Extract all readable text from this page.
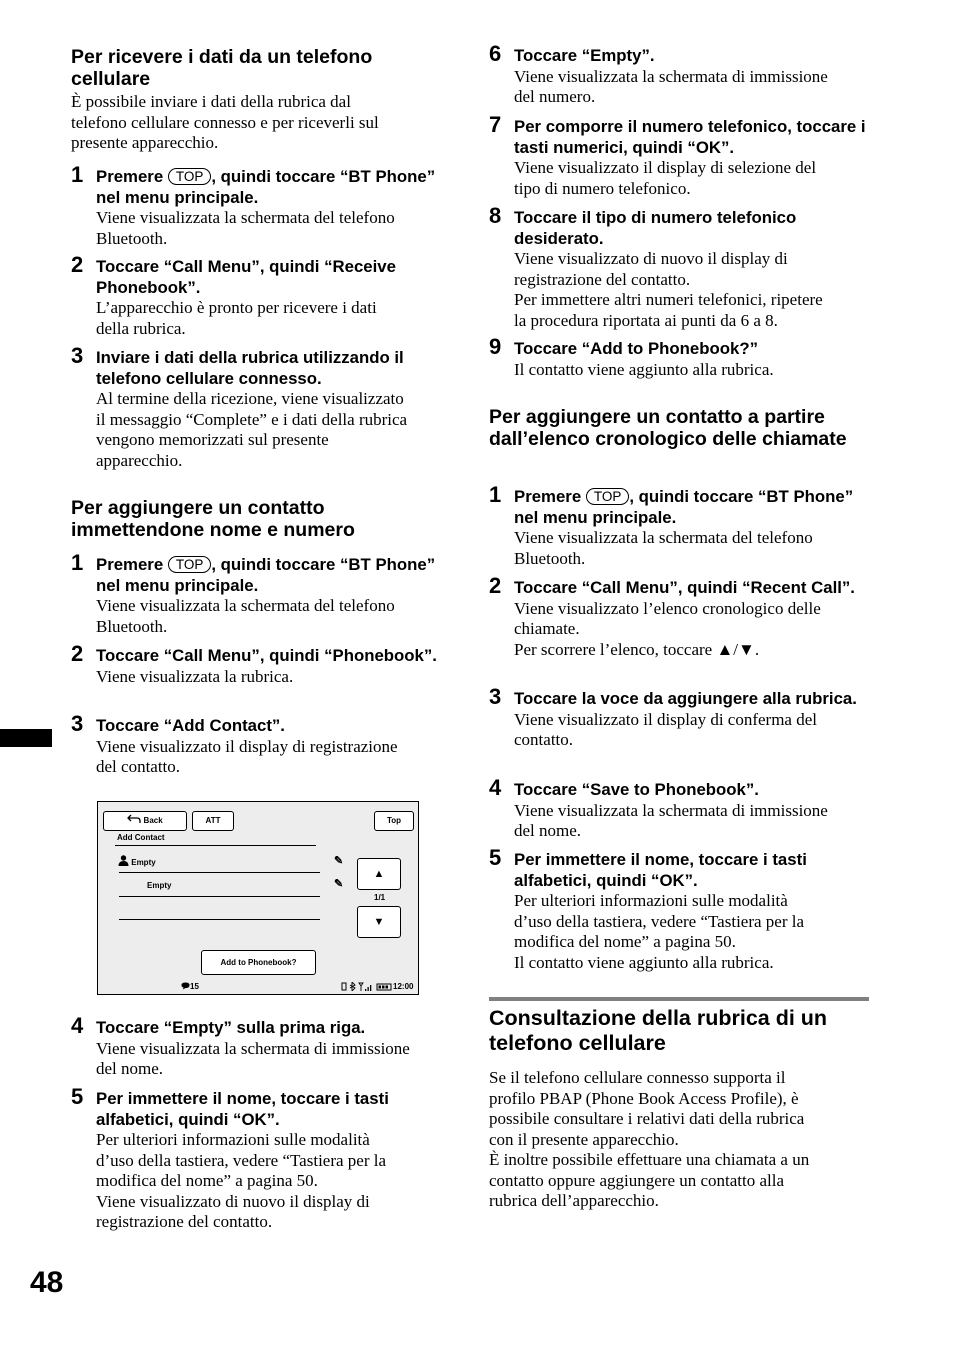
Per ricevere i dati da un telefono cellulare

È possibile inviare i dati della rubrica dal
telefono cellulare connesso e per riceverli sul
presente apparecchio.

1 Premere TOP , quindi toccare “BT Phone” nel menu principale.
Viene visualizzata la schermata del telefono
Bluetooth.
2 Toccare “Call Menu”, quindi “Receive Phonebook”.
L’apparecchio è pronto per ricevere i dati
della rubrica.
3 Inviare i dati della rubrica utilizzando il telefono cellulare connesso.
Al termine della ricezione, viene visualizzato
il messaggio “Complete” e i dati della rubrica
vengono memorizzati sul presente
apparecchio.
Per aggiungere un contatto immettendone nome e numero
1 Premere TOP , quindi toccare “BT Phone” nel menu principale.
Viene visualizzata la schermata del telefono
Bluetooth.
2 Toccare “Call Menu”, quindi “Phonebook”.
Viene visualizzata la rubrica.
3 Toccare “Add Contact”.
Viene visualizzato il display di registrazione
del contatto.
4 Toccare “Empty” sulla prima riga.
Viene visualizzata la schermata di immissione
del nome.
5 Per immettere il nome, toccare i tasti alfabetici, quindi “OK”.
Per ulteriori informazioni sulle modalità
d’uso della tastiera, vedere “Tastiera per la
modifica del nome” a pagina 50.
Viene visualizzato di nuovo il display di
registrazione del contatto.
Back	ATT	Top
Add Contact
Empty
Empty
✎
✎
▲
1/1
▼
Add to Phonebook?
15	12:00
6 Toccare “Empty”.
Viene visualizzata la schermata di immissione
del numero.
7 Per comporre il numero telefonico, toccare i tasti numerici, quindi “OK”.
Viene visualizzato il display di selezione del
tipo di numero telefonico.
8 Toccare il tipo di numero telefonico desiderato.
Viene visualizzato di nuovo il display di
registrazione del contatto.
Per immettere altri numeri telefonici, ripetere
la procedura riportata ai punti da 6 a 8.
9 Toccare “Add to Phonebook?”
Il contatto viene aggiunto alla rubrica.
Per aggiungere un contatto a partire dall’elenco cronologico delle chiamate
1 Premere TOP , quindi toccare “BT Phone” nel menu principale.
Viene visualizzata la schermata del telefono
Bluetooth.
2 Toccare “Call Menu”, quindi “Recent Call”.
Viene visualizzato l’elenco cronologico delle
chiamate.
Per scorrere l’elenco, toccare ▲/▼.
3 Toccare la voce da aggiungere alla rubrica.
Viene visualizzato il display di conferma del
contatto.
4 Toccare “Save to Phonebook”.
Viene visualizzata la schermata di immissione
del nome.
5 Per immettere il nome, toccare i tasti alfabetici, quindi “OK”.
Per ulteriori informazioni sulle modalità
d’uso della tastiera, vedere “Tastiera per la
modifica del nome” a pagina 50.
Il contatto viene aggiunto alla rubrica.
Consultazione della rubrica di un telefono cellulare

Se il telefono cellulare connesso supporta il
profilo PBAP (Phone Book Access Profile), è
possibile consultare i relativi dati della rubrica
con il presente apparecchio.
È inoltre possibile effettuare una chiamata a un
contatto oppure aggiungere un contatto alla
rubrica dell’apparecchio.

48
